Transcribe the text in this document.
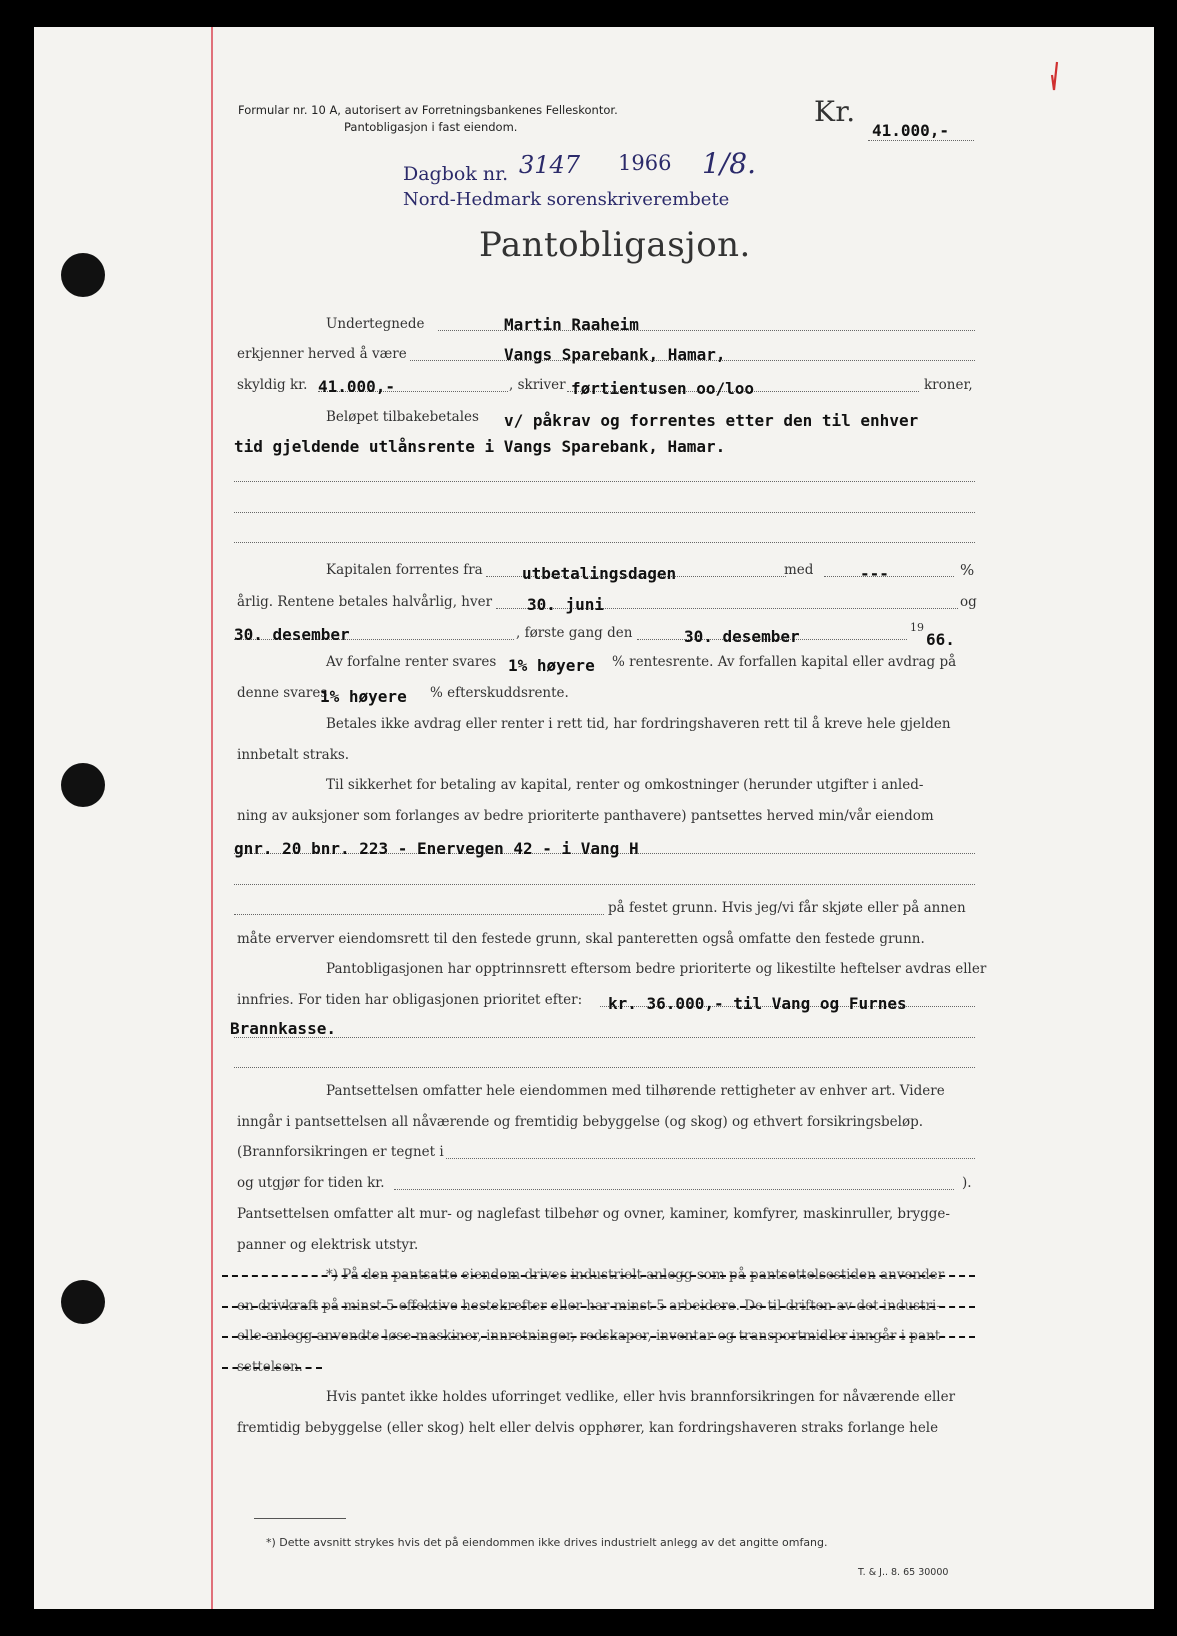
Formular nr. 10 A, autorisert av Forretningsbankenes Felleskontor.
Pantobligasjon i fast eiendom.	Kr.
41.000,-
Dagbok nr. 3147 1966 1/8.
Nord-Hedmark sorenskriverembete
Pantobligasjon.
Undertegnede	Martin Raaheim
erkjenner herved å være	Vangs Sparebank, Hamar,
skyldig kr. 41.000,-	, skriver førtientusen oo/loo	kroner,
Beløpet tilbakebetales v/ påkrav og forrentes etter den til enhver
tid gjeldende utlånsrente i Vangs Sparebank, Hamar.
Kapitalen forrentes fra utbetalingsdagen	med	---	%
årlig. Rentene betales halvårlig, hver 30. juni	og
30. desember	, første gang den	30. desember	19
66.
Av forfalne renter svares 1% høyere % rentesrente. Av forfallen kapital eller avdrag på
denne svares
1% høyere % efterskuddsrente.
Betales ikke avdrag eller renter i rett tid, har fordringshaveren rett til å kreve hele gjelden
innbetalt straks.
Til sikkerhet for betaling av kapital, renter og omkostninger (herunder utgifter i anled-
ning av auksjoner som forlanges av bedre prioriterte panthavere) pantsettes herved min/vår eiendom
gnr. 20 bnr. 223 - Enervegen 42 - i Vang H
på festet grunn. Hvis jeg/vi får skjøte eller på annen
måte erverver eiendomsrett til den festede grunn, skal panteretten også omfatte den festede grunn.
Pantobligasjonen har opptrinnsrett eftersom bedre prioriterte og likestilte heftelser avdras eller
innfries. For tiden har obligasjonen prioritet efter: kr. 36.000,- til Vang og Furnes
Brannkasse.
Pantsettelsen omfatter hele eiendommen med tilhørende rettigheter av enhver art. Videre
inngår i pantsettelsen all nåværende og fremtidig bebyggelse (og skog) og ethvert forsikringsbeløp.
(Brannforsikringen er tegnet i
og utgjør for tiden kr.	).
Pantsettelsen omfatter alt mur- og naglefast tilbehør og ovner, kaminer, komfyrer, maskinruller, brygge-
panner og elektrisk utstyr.
*) På den pantsatte eiendom drives industrielt anlegg som på pantsettelsestiden anvender
en drivkraft på minst 5 effektive hestekrefter eller har minst 5 arbeidere. De til driften av det industri-
elle anlegg anvendte løse maskiner, innretninger, redskaper, inventar og transportmidler inngår i pant-
settelsen.
Hvis pantet ikke holdes uforringet vedlike, eller hvis brannforsikringen for nåværende eller
fremtidig bebyggelse (eller skog) helt eller delvis opphører, kan fordringshaveren straks forlange hele
*) Dette avsnitt strykes hvis det på eiendommen ikke drives industrielt anlegg av det angitte omfang.
T. & J.. 8. 65 30000
